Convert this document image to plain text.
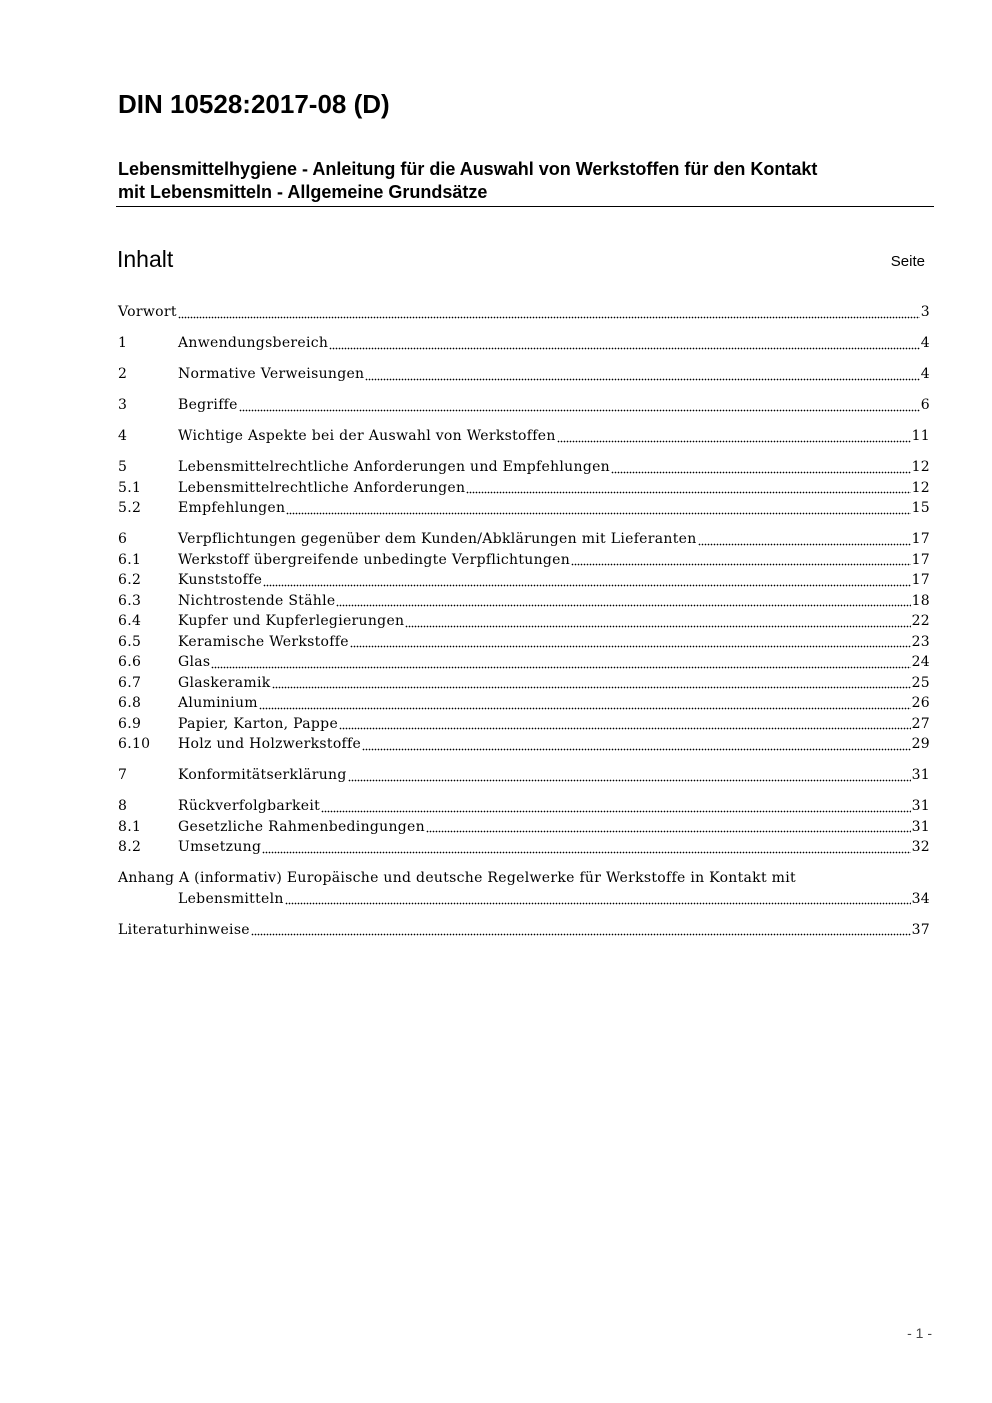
DIN 10528:2017-08 (D)
Lebensmittelhygiene - Anleitung für die Auswahl von Werkstoffen für den Kontakt
mit Lebensmitteln - Allgemeine Grundsätze
Inhalt	Seite
Vorwort	3
1	Anwendungsbereich	4
2	Normative Verweisungen	4
3	Begriffe	6
4	Wichtige Aspekte bei der Auswahl von Werkstoffen	11
5	Lebensmittelrechtliche Anforderungen und Empfehlungen	12
5.1	Lebensmittelrechtliche Anforderungen	12
5.2	Empfehlungen	15
6	Verpflichtungen gegenüber dem Kunden/Abklärungen mit Lieferanten	17
6.1	Werkstoff übergreifende unbedingte Verpflichtungen	17
6.2	Kunststoffe	17
6.3	Nichtrostende Stähle	18
6.4	Kupfer und Kupferlegierungen	22
6.5	Keramische Werkstoffe	23
6.6	Glas	24
6.7	Glaskeramik	25
6.8	Aluminium	26
6.9	Papier, Karton, Pappe	27
6.10	Holz und Holzwerkstoffe	29
7	Konformitätserklärung	31
8	Rückverfolgbarkeit	31
8.1	Gesetzliche Rahmenbedingungen	31
8.2	Umsetzung	32
Anhang A (informativ) Europäische und deutsche Regelwerke für Werkstoffe in Kontakt mit
Lebensmitteln	34
Literaturhinweise	37
- 1 -
